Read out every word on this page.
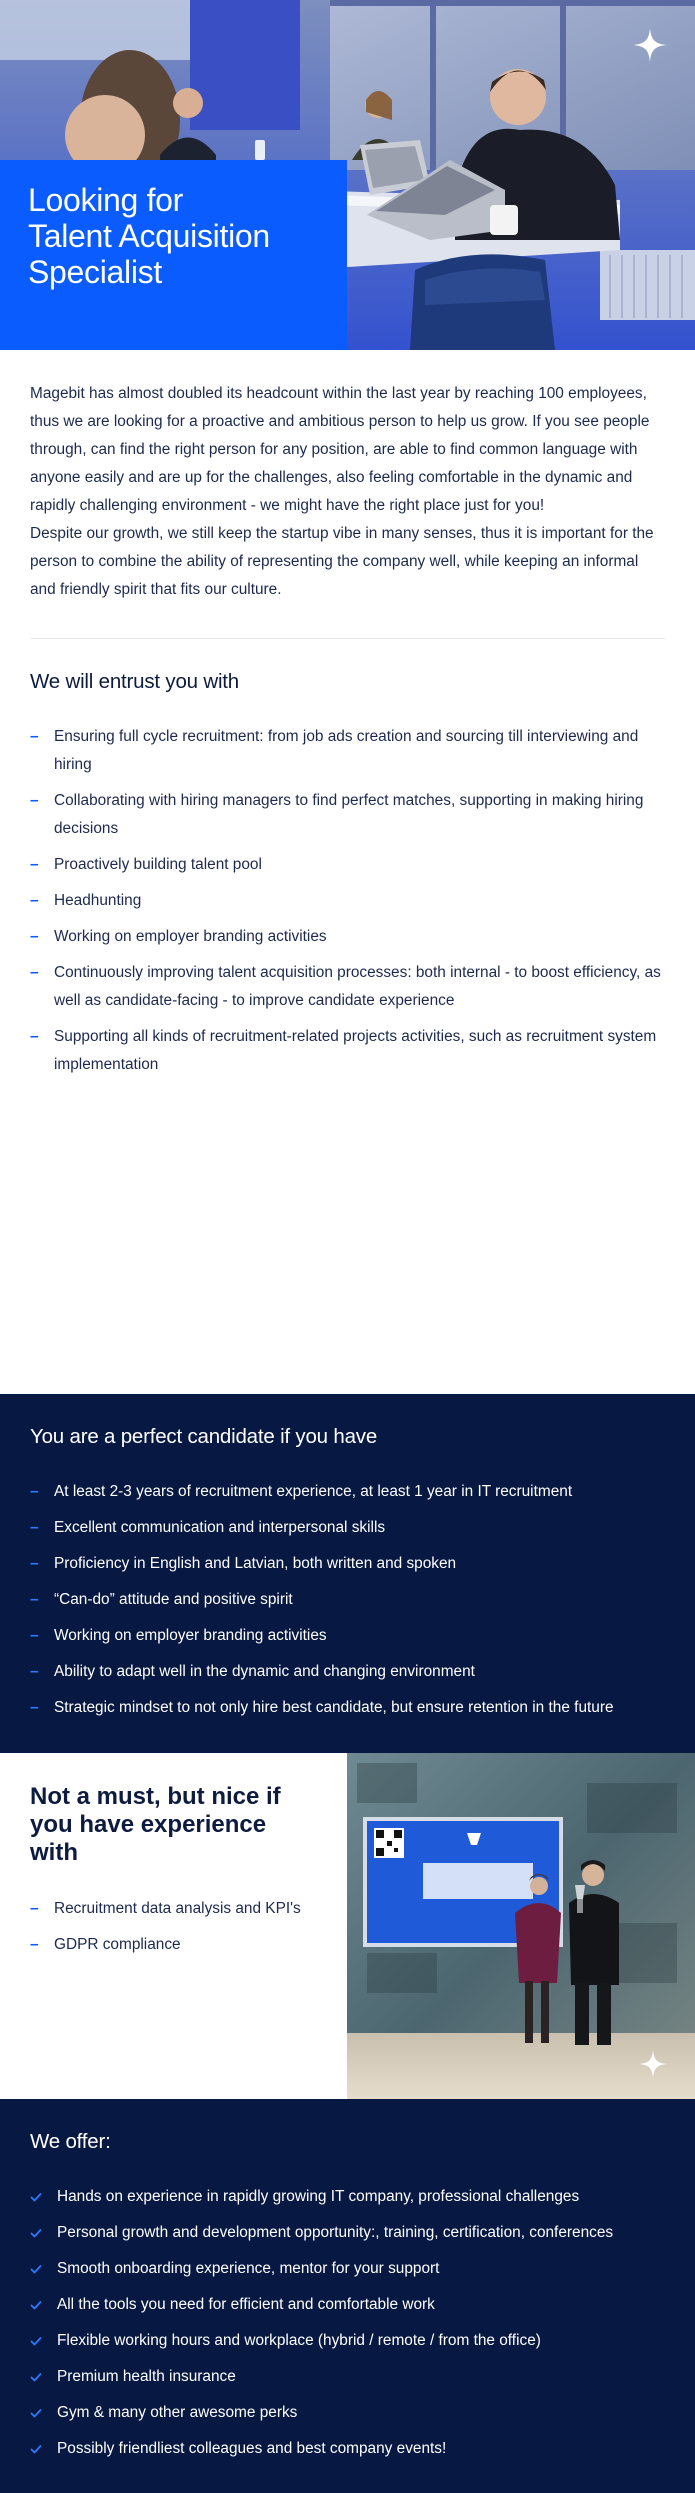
Looking for
Talent Acquisition
Specialist

Magebit has almost doubled its headcount within the last year by reaching 100 employees, thus we are looking for a proactive and ambitious person to help us grow. If you see people through, can find the right person for any position, are able to find common language with anyone easily and are up for the challenges, also feeling comfortable in the dynamic and rapidly challenging environment - we might have the right place just for you!

Despite our growth, we still keep the startup vibe in many senses, thus it is important for the person to combine the ability of representing the company well, while keeping an informal and friendly spirit that fits our culture.

We will entrust you with
– Ensuring full cycle recruitment: from job ads creation and sourcing till interviewing and hiring
– Collaborating with hiring managers to find perfect matches, supporting in making hiring decisions
– Proactively building talent pool
– Headhunting
– Working on employer branding activities
– Continuously improving talent acquisition processes: both internal - to boost efficiency, as well as candidate-facing - to improve candidate experience
– Supporting all kinds of recruitment-related projects activities, such as recruitment system implementation
You are a perfect candidate if you have
– At least 2-3 years of recruitment experience, at least 1 year in IT recruitment
– Excellent communication and interpersonal skills
– Proficiency in English and Latvian, both written and spoken
– “Can-do” attitude and positive spirit
– Working on employer branding activities
– Ability to adapt well in the dynamic and changing environment
– Strategic mindset to not only hire best candidate, but ensure retention in the future
Not a must, but nice if you have experience with
– Recruitment data analysis and KPI's
– GDPR compliance
We offer:
Hands on experience in rapidly growing IT company, professional challenges
Personal growth and development opportunity:, training, certification, conferences
Smooth onboarding experience, mentor for your support
All the tools you need for efficient and comfortable work
Flexible working hours and workplace (hybrid / remote / from the office)
Premium health insurance
Gym & many other awesome perks
Possibly friendliest colleagues and best company events!
